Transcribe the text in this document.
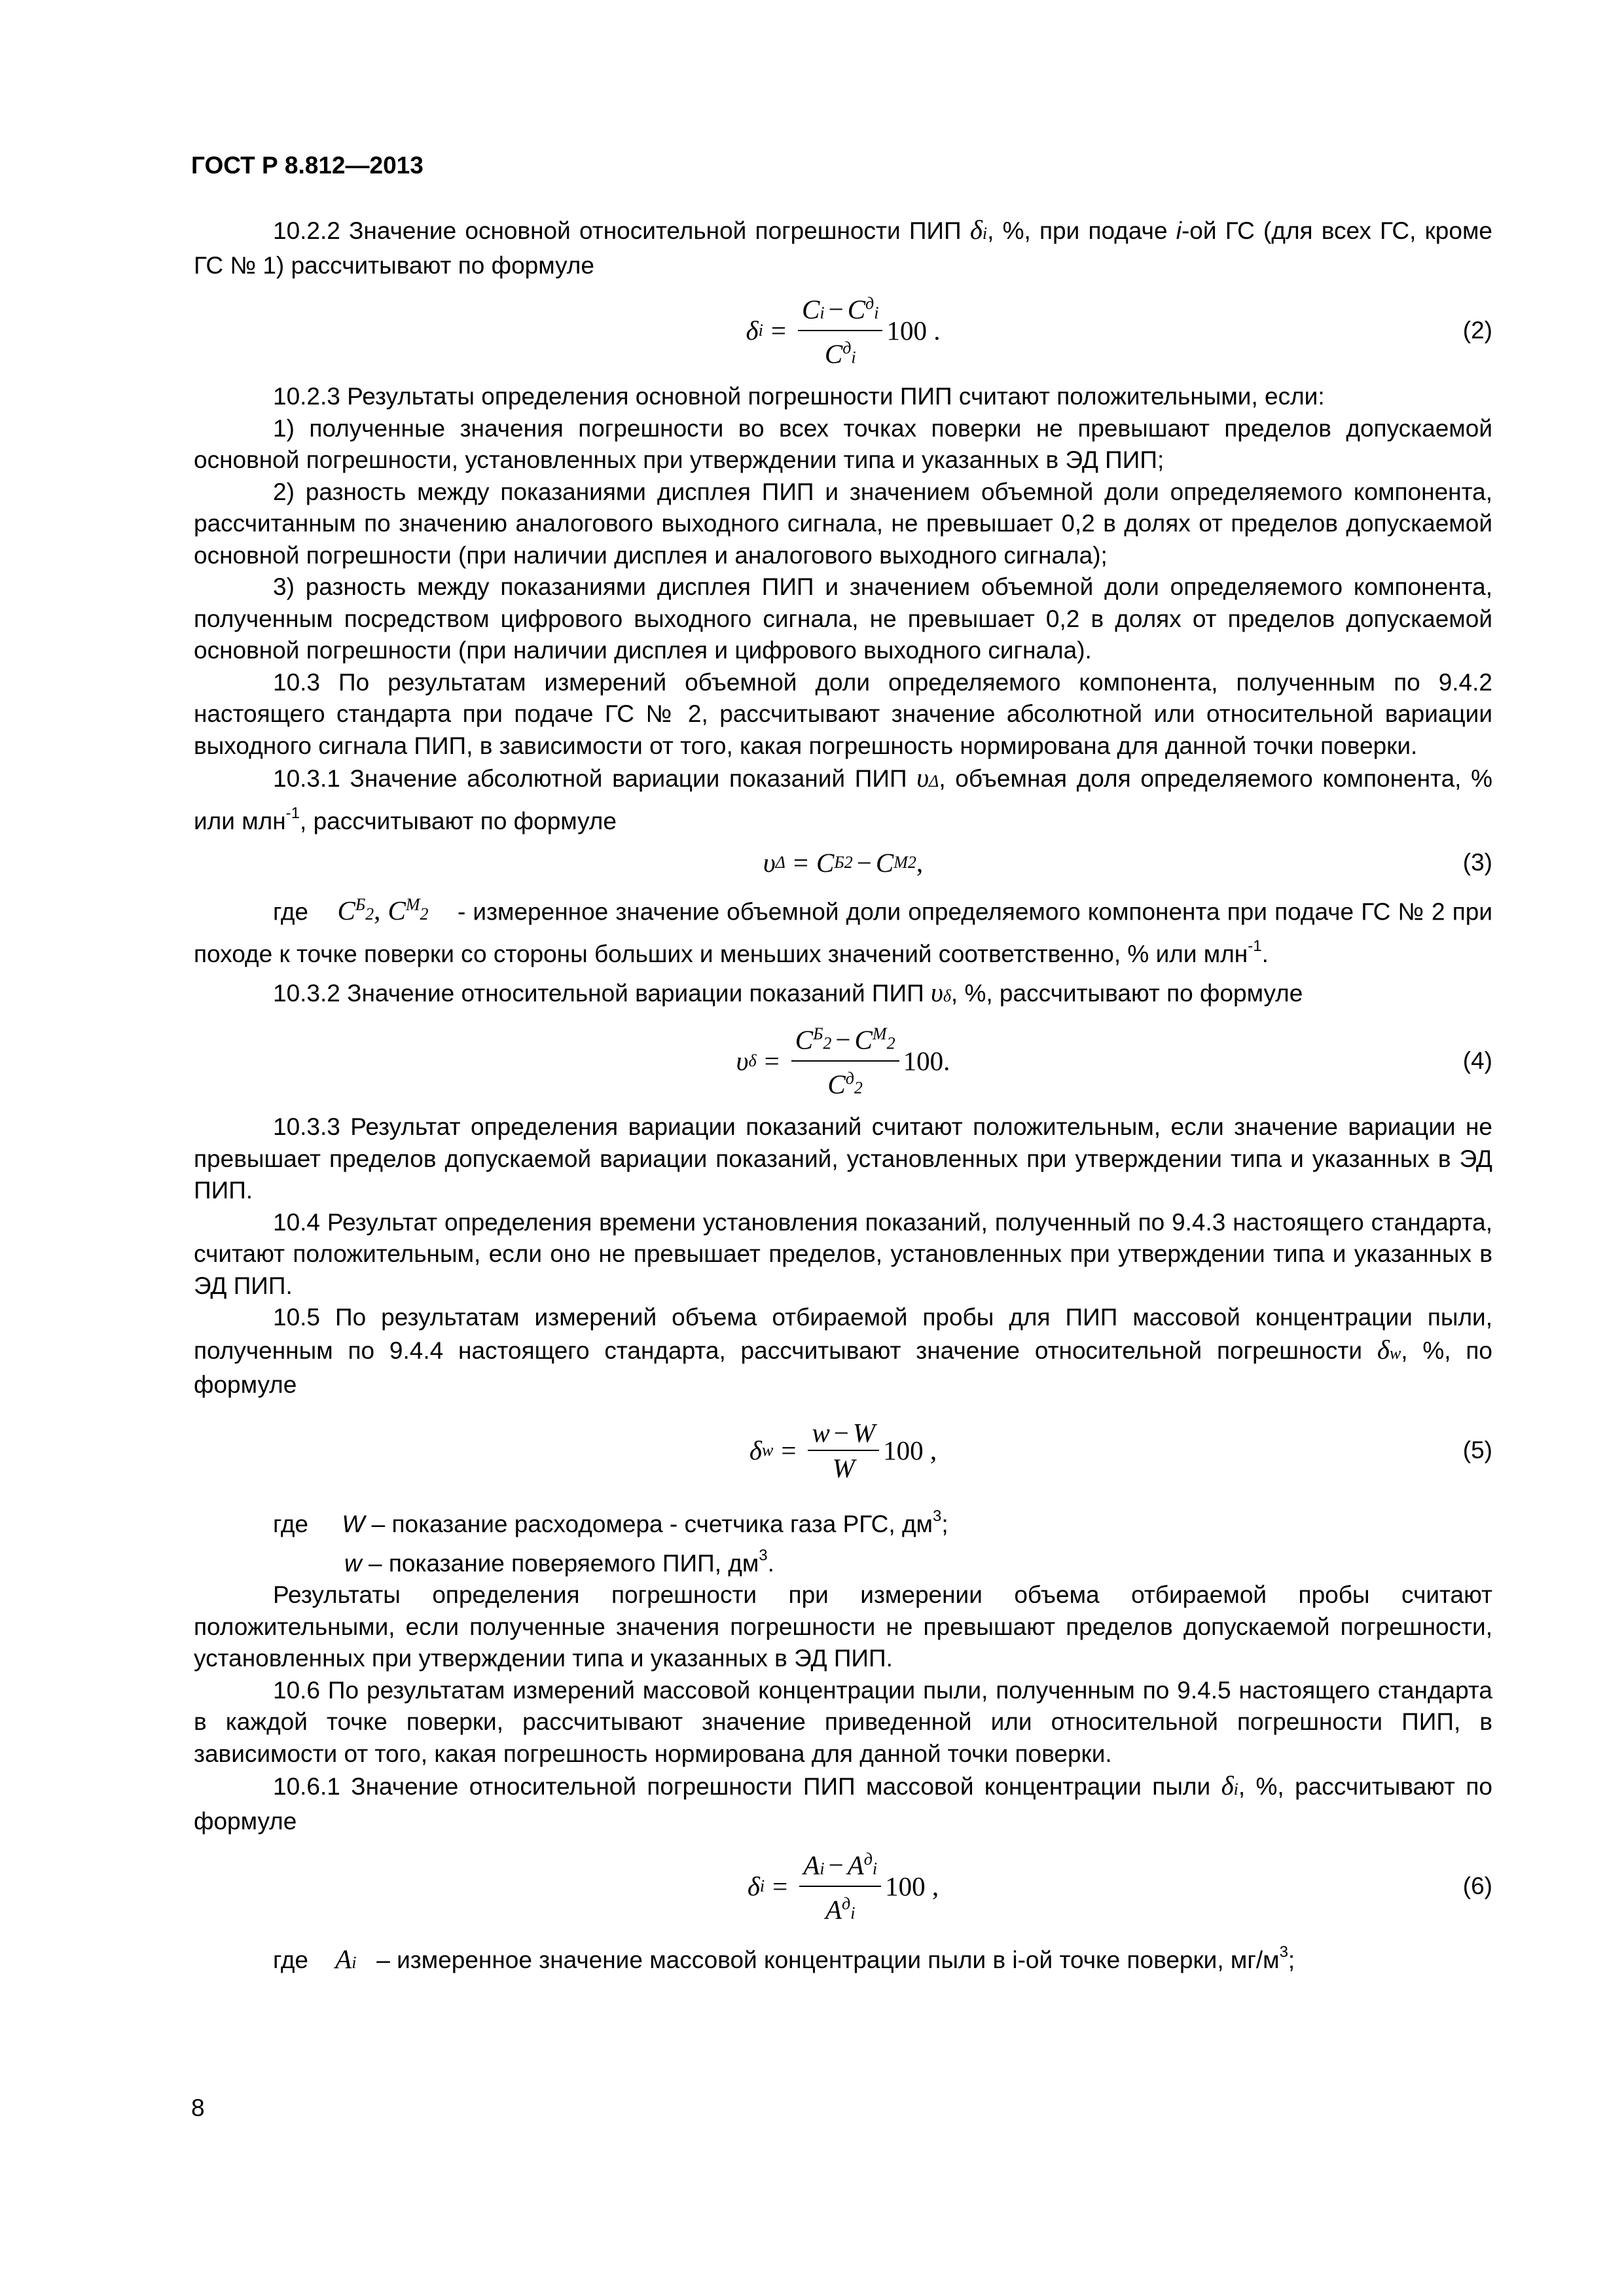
ГОСТ Р 8.812—2013

10.2.2 Значение основной относительной погрешности ПИП δi, %, при подаче i-ой ГС (для всех ГС, кроме ГС № 1) рассчитывают по формуле

δ $i = \frac{Ci - C^дi}{C^дi} 100$
.	(2)

10.2.3 Результаты определения основной погрешности ПИП считают положительными, если:

1) полученные значения погрешности во всех точках поверки не превышают пределов допускаемой основной погрешности, установленных при утверждении типа и указанных в ЭД ПИП;

2) разность между показаниями дисплея ПИП и значением объемной доли определяемого компонента, рассчитанным по значению аналогового выходного сигнала, не превышает 0,2 в долях от пределов допускаемой основной погрешности (при наличии дисплея и аналогового выходного сигнала);

3) разность между показаниями дисплея ПИП и значением объемной доли определяемого компонента, полученным посредством цифрового выходного сигнала, не превышает 0,2 в долях от пределов допускаемой основной погрешности (при наличии дисплея и цифрового выходного сигнала).

10.3 По результатам измерений объемной доли определяемого компонента, полученным по 9.4.2 настоящего стандарта при подаче ГС № 2, рассчитывают значение абсолютной или относительной вариации выходного сигнала ПИП, в зависимости от того, какая погрешность нормирована для данной точки поверки.

10.3.1 Значение абсолютной вариации показаний ПИП υΔ, объемная доля определяемого компонента, % или млн$^{-1}$, рассчитывают по формуле

υ Δ = C Б 2 − C М 2 ,	(3)

где $C^Б2$, $C^М2$    - измеренное значение объемной доли определяемого компонента при подаче ГС № 2 при походе к точке поверки со стороны больших и меньших значений соответственно, % или млн$^{-1}$.

10.3.2 Значение относительной вариации показаний ПИП υδ, %, рассчитывают по формуле

υ $\delta = \frac{C^Б2 - C^М2}{C^д2} 100$.	(4)

10.3.3 Результат определения вариации показаний считают положительным, если значение вариации не превышает пределов допускаемой вариации показаний, установленных при утверждении типа и указанных в ЭД ПИП.

10.4 Результат определения времени установления показаний, полученный по 9.4.3 настоящего стандарта, считают положительным, если оно не превышает пределов, установленных при утверждении типа и указанных в ЭД ПИП.

10.5 По результатам измерений объема отбираемой пробы для ПИП массовой концентрации пыли, полученным по 9.4.4 настоящего стандарта, рассчитывают значение относительной погрешности δw, %, по формуле

δ $w = \frac{w - W}{W} 100$
,	(5)

где W – показание расходомера - счетчика газа РГС, $дм^3$;

w – показание поверяемого ПИП, $дм^3$.

Результаты определения погрешности при измерении объема отбираемой пробы считают положительными, если полученные значения погрешности не превышают пределов допускаемой погрешности, установленных при утверждении типа и указанных в ЭД ПИП.

10.6 По результатам измерений массовой концентрации пыли, полученным по 9.4.5 настоящего стандарта в каждой точке поверки, рассчитывают значение приведенной или относительной погрешности ПИП, в зависимости от того, какая погрешность нормирована для данной точки поверки.

10.6.1 Значение относительной погрешности ПИП массовой концентрации пыли δi, %, рассчитывают по формуле

δ $i = \frac{Ai - A^дi}{A^дi} 100$
,	(6)

где Ai   – измеренное значение массовой концентрации пыли в i-ой точке поверки, $мг/м^3$;

8
